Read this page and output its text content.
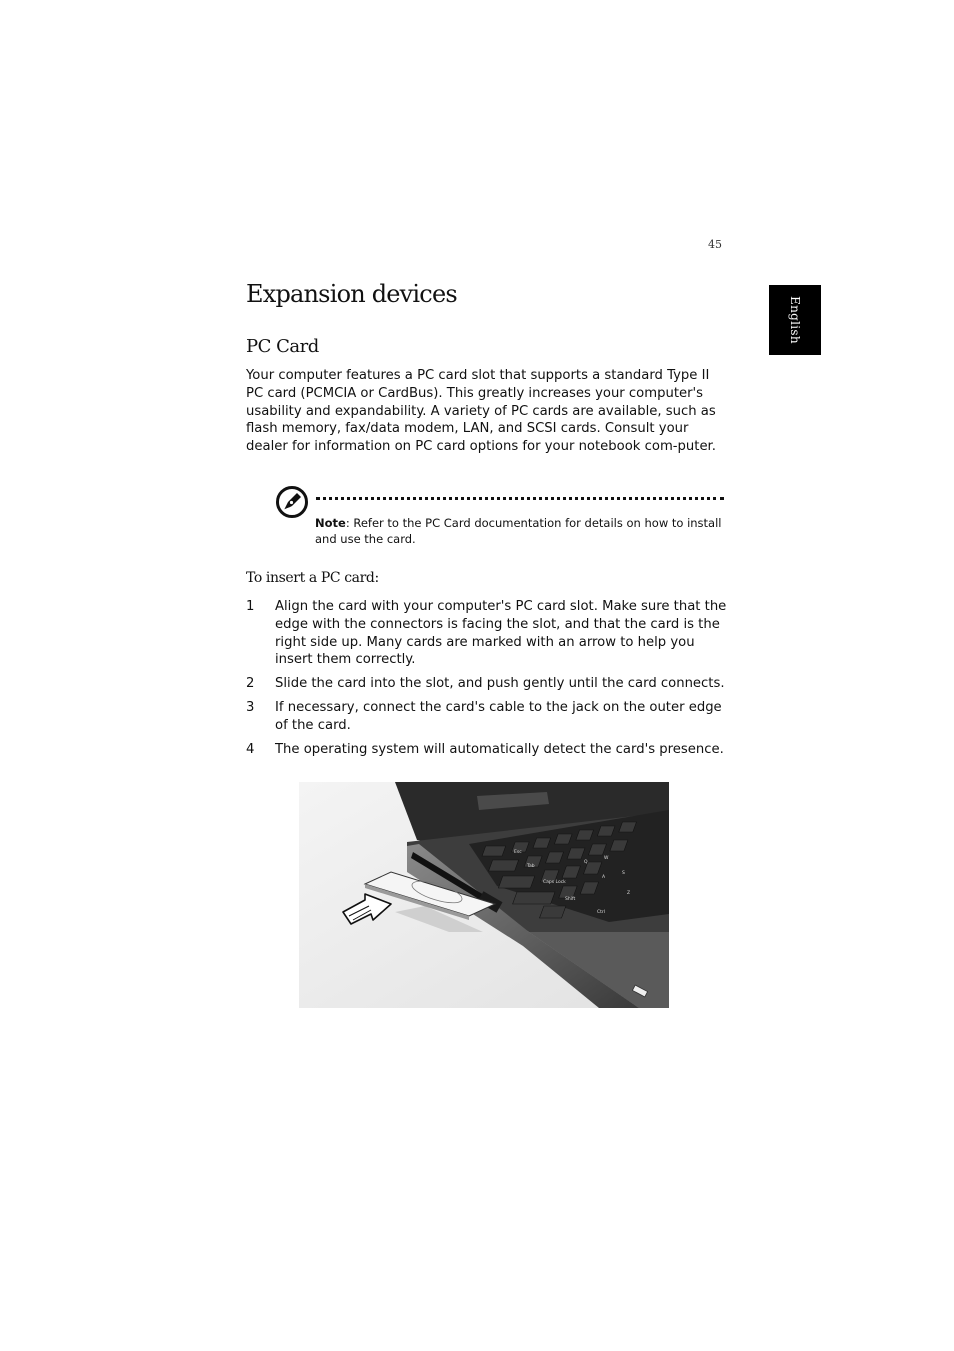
45
English
Expansion devices
PC Card

Your computer features a PC card slot that supports a standard Type II PC card (PCMCIA or CardBus). This greatly increases your computer's usability and expandability. A variety of PC cards are available, such as flash memory, fax/data modem, LAN, and SCSI cards. Consult your dealer for information on PC card options for your notebook com-puter.

Note: Refer to the PC Card documentation for details on how to install and use the card.

To insert a PC card:
1 Align the card with your computer's PC card slot. Make sure that the edge with the connectors is facing the slot, and that the card is the right side up. Many cards are marked with an arrow to help you insert them correctly.
2 Slide the card into the slot, and push gently until the card connects.
3 If necessary, connect the card's cable to the jack on the outer edge of the card.
4 The operating system will automatically detect the card's presence.
Esc
Tab
Caps Lock
Shift
Ctrl
Q
W
A
S
Z
